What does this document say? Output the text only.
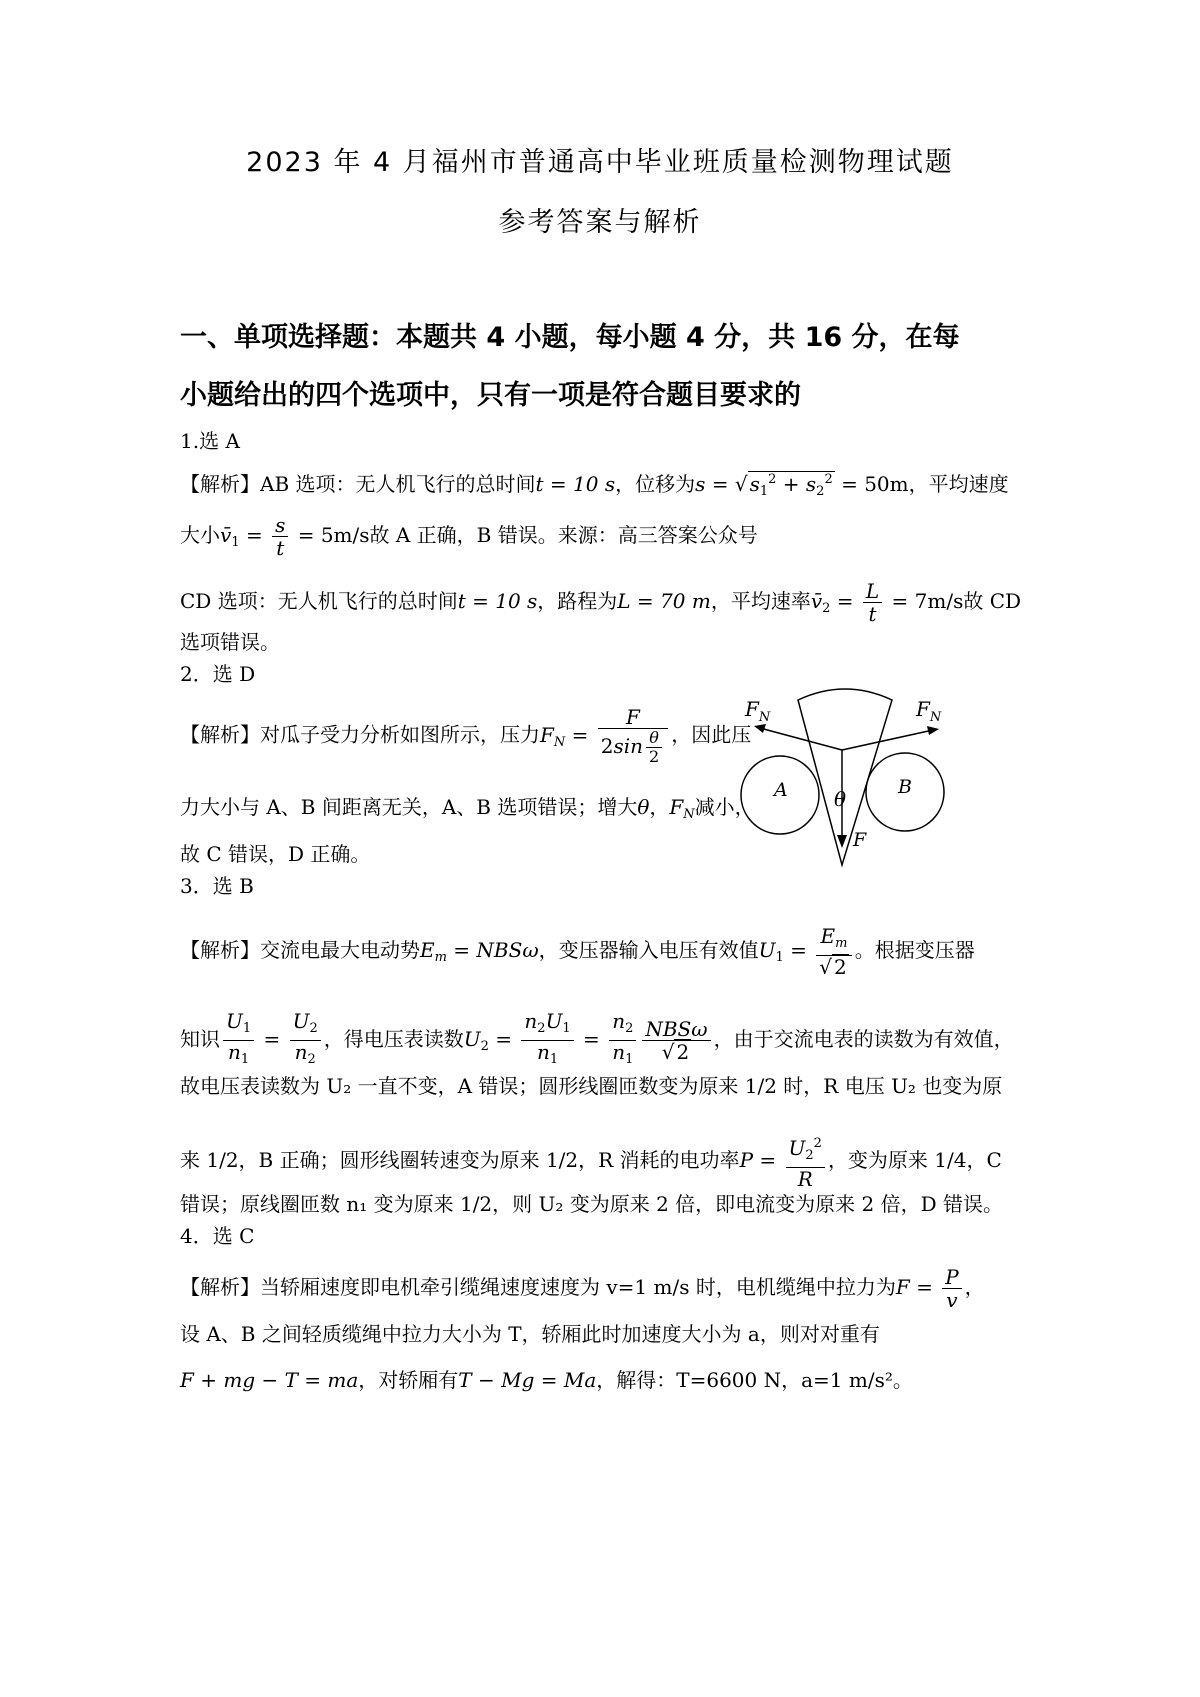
2023 年 4 月福州市普通高中毕业班质量检测物理试题
参考答案与解析
一、单项选择题：本题共 4 小题，每小题 4 分，共 16 分，在每
小题给出的四个选项中，只有一项是符合题目要求的
1.选 A
【解析】AB 选项：无人机飞行的总时间t = 10 s，位移为s = √ $s_1^2 + s_2^2 = 50m$，平均速度
大小$v̄_1 = \frac{s}{t} = 5m/s$故 A 正确，B 错误。来源：高三答案公众号
CD 选项：无人机飞行的总时间t = 10 s，路程为L = 70 m，平均速率$v̄_2 = \frac{L}{t} = 7m/s$故 CD
选项错误。
2．选 D
【解析】对瓜子受力分析如图所示，压力$F_N = \frac{F}{2\sin \frac{\theta}{2}}$ ，因此压
力大小与 A、B 间距离无关，A、B 选项错误；增大θ，$F_N$减小，
故 C 错误，D 正确。
$F_N$	$F_N$
A	B
θ
F
3．选 B
【解析】交流电最大电动势$E_m = NBS\omega$，变压器输入电压有效值$U_1 = \frac{E_m}{√ 2}$ 。根据变压器
知识 $\frac{U_1}{n_1} = \frac{U_2}{n_2}$ ，得电压表读数$U_2 = \frac{n_2U_1}{n_1} = \frac{n_2}{n_1} \frac{\text{NBSω}}{√ 2}$ ，由于交流电表的读数为有效值，
故电压表读数为 U₂ 一直不变，A 错误；圆形线圈匝数变为原来 1/2 时，R 电压 U₂ 也变为原
来 1/2，B 正确；圆形线圈转速变为原来 1/2，R 消耗的电功率$P = \frac{U_2^2}{R}$ ，变为原来 1/4，C
错误；原线圈匝数 n₁ 变为原来 1/2，则 U₂ 变为原来 2 倍，即电流变为原来 2 倍，D 错误。
4．选 C
【解析】当轿厢速度即电机牵引缆绳速度速度为 v=1 m/s 时，电机缆绳中拉力为$F = \frac{P}{v}$ ，
设 A、B 之间轻质缆绳中拉力大小为 T，轿厢此时加速度大小为 a，则对对重有
F + mg − T = ma，对轿厢有T − Mg = Ma，解得：T=6600 N，a=1 m/s²。
